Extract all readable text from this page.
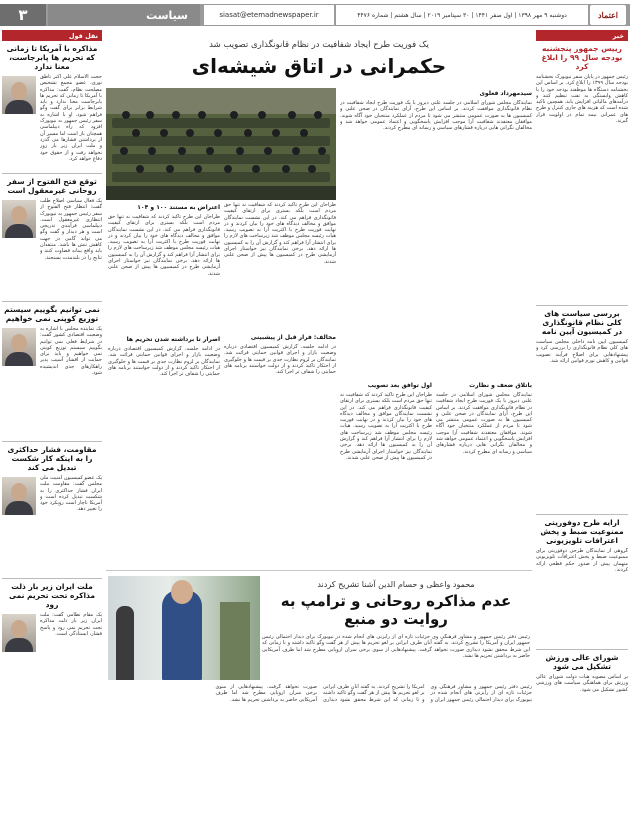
۳	سیاست	siasat@etemadnewspaper.ir	دوشنبه ۹ مهر ۱۳۹۸ | اول صفر ۱۴۴۱ | ۳۰ سپتامبر ۲۰۱۹ | سال هشتم | شماره ۴۴۷۶	اعتماد
نقل قول
مذاکره با آمریکا تا زمانی که تحریم ها پابرجاست، معنا ندارد
حجت الاسلام علی اکبر ناطق نوری، عضو مجمع تشخیص مصلحت نظام، گفت: مذاکره با آمریکا تا زمانی که تحریم ها پابرجاست معنا ندارد و باید شرایط برابر برای گفت وگو فراهم شود. او با اشاره به سفر رئیس جمهور به نیویورک افزود که راه دیپلماسی همچنان باز است اما مسیر آن از برداشتن فشارها می گذرد و ملت ایران زیر بار زور نخواهد رفت و از حقوق خود دفاع خواهد کرد.
توقع فتح الفتوح از سفر روحانی غیرمعقول است
یک فعال سیاسی اصلاح طلب گفت: انتظار فتح الفتوح از سفر رئیس جمهور به نیویورک انتظاری غیرمعقول است. دیپلماسی فرآیندی تدریجی است و هر دیدار و گفت وگو می تواند گامی در جهت کاهش تنش ها باشد. منتقدان باید واقع بینانه قضاوت کنند و نتایج را در بلندمدت بسنجند.
نمی توانیم بگوییم سیستم توزیع کوپنی نمی خواهیم
یک نماینده مجلس با اشاره به وضعیت اقتصادی کشور گفت: در شرایط فعلی نمی توانیم بگوییم سیستم توزیع کوپنی نمی خواهیم و باید برای حمایت از اقشار آسیب پذیر راهکارهای جدی اندیشیده شود.
مقاومت، فشار حداکثری را به اینکه کار شکست تبدیل می کند
یک عضو کمیسیون امنیت ملی مجلس گفت: مقاومت ملت ایران فشار حداکثری را به شکست تبدیل کرده است و آمریکا ناچار است رویکرد خود را تغییر دهد.
ملت ایران زیر بار ذلت مذاکره تحت تحریم نمی رود
یک مقام نظامی گفت: ملت ایران زیر بار ذلت مذاکره تحت تحریم نمی رود و پاسخ فشار، ایستادگی است.
یک فوریت طرح ایجاد شفافیت در نظام قانونگذاری تصویب شد
حکمرانی در اتاق شیشه‌ای
سیدمهرداد فعلوی
نمایندگان مجلس شورای اسلامی در جلسه علنی دیروز با یک فوریت طرح ایجاد شفافیت در نظام قانونگذاری موافقت کردند. بر اساس این طرح، آرای نمایندگان در صحن علنی و کمیسیون ها به صورت عمومی منتشر می شود تا مردم از عملکرد منتخبان خود آگاه شوند. موافقان معتقدند شفافیت آرا موجب افزایش پاسخگویی و اعتماد عمومی خواهد شد و مخالفان نگرانی هایی درباره فشارهای سیاسی و رسانه ای مطرح کردند.
اعتراض به مستند ۱۰۰ و ۱۰۴
طراحان این طرح تاکید کردند که شفافیت نه تنها حق مردم است بلکه بستری برای ارتقای کیفیت قانونگذاری فراهم می کند. در این نشست نمایندگان موافق و مخالف دیدگاه های خود را بیان کردند و در نهایت فوریت طرح با اکثریت آرا به تصویب رسید. هیات رئیسه مجلس موظف شد زیرساخت های لازم را برای انتشار آرا فراهم کند و گزارش آن را به کمیسیون ها ارائه دهد. برخی نمایندگان نیز خواستار اجرای آزمایشی طرح در کمیسیون ها پیش از صحن علنی شدند.
اصرار تا برداشته شدن تحریم ها
در ادامه جلسه، گزارش کمیسیون اقتصادی درباره وضعیت بازار و اجرای قوانین حمایتی قرائت شد. نمایندگان بر لزوم نظارت جدی بر قیمت ها و جلوگیری از احتکار تاکید کردند و از دولت خواستند برنامه های حمایتی را شفاف تر اجرا کند.
طراحان این طرح تاکید کردند که شفافیت نه تنها حق مردم است بلکه بستری برای ارتقای کیفیت قانونگذاری فراهم می کند. در این نشست نمایندگان موافق و مخالف دیدگاه های خود را بیان کردند و در نهایت فوریت طرح با اکثریت آرا به تصویب رسید. هیات رئیسه مجلس موظف شد زیرساخت های لازم را برای انتشار آرا فراهم کند و گزارش آن را به کمیسیون ها ارائه دهد. برخی نمایندگان نیز خواستار اجرای آزمایشی طرح در کمیسیون ها پیش از صحن علنی شدند.
مخالف: فرار قبل از پیشبینی
در ادامه جلسه، گزارش کمیسیون اقتصادی درباره وضعیت بازار و اجرای قوانین حمایتی قرائت شد. نمایندگان بر لزوم نظارت جدی بر قیمت ها و جلوگیری از احتکار تاکید کردند و از دولت خواستند برنامه های حمایتی را شفاف تر اجرا کند.
اول توافق بعد تصویب
طراحان این طرح تاکید کردند که شفافیت نه تنها حق مردم است بلکه بستری برای ارتقای کیفیت قانونگذاری فراهم می کند. در این نشست نمایندگان موافق و مخالف دیدگاه های خود را بیان کردند و در نهایت فوریت طرح با اکثریت آرا به تصویب رسید. هیات رئیسه مجلس موظف شد زیرساخت های لازم را برای انتشار آرا فراهم کند و گزارش آن را به کمیسیون ها ارائه دهد. برخی نمایندگان نیز خواستار اجرای آزمایشی طرح در کمیسیون ها پیش از صحن علنی شدند.
باتلاق ضعف و نظارت
نمایندگان مجلس شورای اسلامی در جلسه علنی دیروز با یک فوریت طرح ایجاد شفافیت در نظام قانونگذاری موافقت کردند. بر اساس این طرح، آرای نمایندگان در صحن علنی و کمیسیون ها به صورت عمومی منتشر می شود تا مردم از عملکرد منتخبان خود آگاه شوند. موافقان معتقدند شفافیت آرا موجب افزایش پاسخگویی و اعتماد عمومی خواهد شد و مخالفان نگرانی هایی درباره فشارهای سیاسی و رسانه ای مطرح کردند.
محمود واعظی و حسام الدین آشنا تشریح کردند
عدم مذاکره روحانی و ترامپ به روایت دو منبع
رئیس دفتر رئیس جمهور و مشاور فرهنگی وی جزئیات تازه ای از رایزنی های انجام شده در نیویورک برای دیدار احتمالی رئیس جمهور ایران و آمریکا را تشریح کردند. به گفته آنان طرف ایرانی بر لغو تحریم ها پیش از هر گفت وگو تاکید داشته و تا زمانی که این شرط محقق نشود دیداری صورت نخواهد گرفت. پیشنهادهایی از سوی برخی سران اروپایی مطرح شد اما طرف آمریکایی حاضر به برداشتن تحریم ها نشد.
رئیس دفتر رئیس جمهور و مشاور فرهنگی وی جزئیات تازه ای از رایزنی های انجام شده در نیویورک برای دیدار احتمالی رئیس جمهور ایران و آمریکا را تشریح کردند. به گفته آنان طرف ایرانی بر لغو تحریم ها پیش از هر گفت وگو تاکید داشته و تا زمانی که این شرط محقق نشود دیداری صورت نخواهد گرفت. پیشنهادهایی از سوی برخی سران اروپایی مطرح شد اما طرف آمریکایی حاضر به برداشتن تحریم ها نشد.
خبر
رییس جمهور پنجشنبه بودجه سال ۹۹ را ابلاغ کرد
رئیس جمهور در پایان سفر نیویورک بخشنامه بودجه سال ۱۳۹۹ را ابلاغ کرد. بر اساس این بخشنامه دستگاه ها موظفند بودجه خود را با کاهش وابستگی به نفت تنظیم کنند و درآمدهای مالیاتی افزایش یابد. همچنین تاکید شده است که هزینه های جاری کنترل و طرح های عمرانی نیمه تمام در اولویت قرار گیرند.
بررسی سیاست های کلی نظام قانونگذاری در کمیسیون آیین نامه
کمیسیون آیین نامه داخلی مجلس سیاست های کلی نظام قانونگذاری را بررسی کرد و پیشنهادهایی برای اصلاح فرآیند تصویب قوانین و کاهش تورم قوانین ارائه شد.
ارایه طرح دوفوریتی ممنوعیت ضبط و پخش اعترافات تلویزیونی
گروهی از نمایندگان طرحی دوفوریتی برای ممنوعیت ضبط و پخش اعترافات تلویزیونی متهمان پیش از صدور حکم قطعی ارائه کردند.
شورای عالی ورزش تشکیل می شود
بر اساس مصوبه هیات دولت شورای عالی ورزش برای هماهنگی سیاست های ورزشی کشور تشکیل می شود.
